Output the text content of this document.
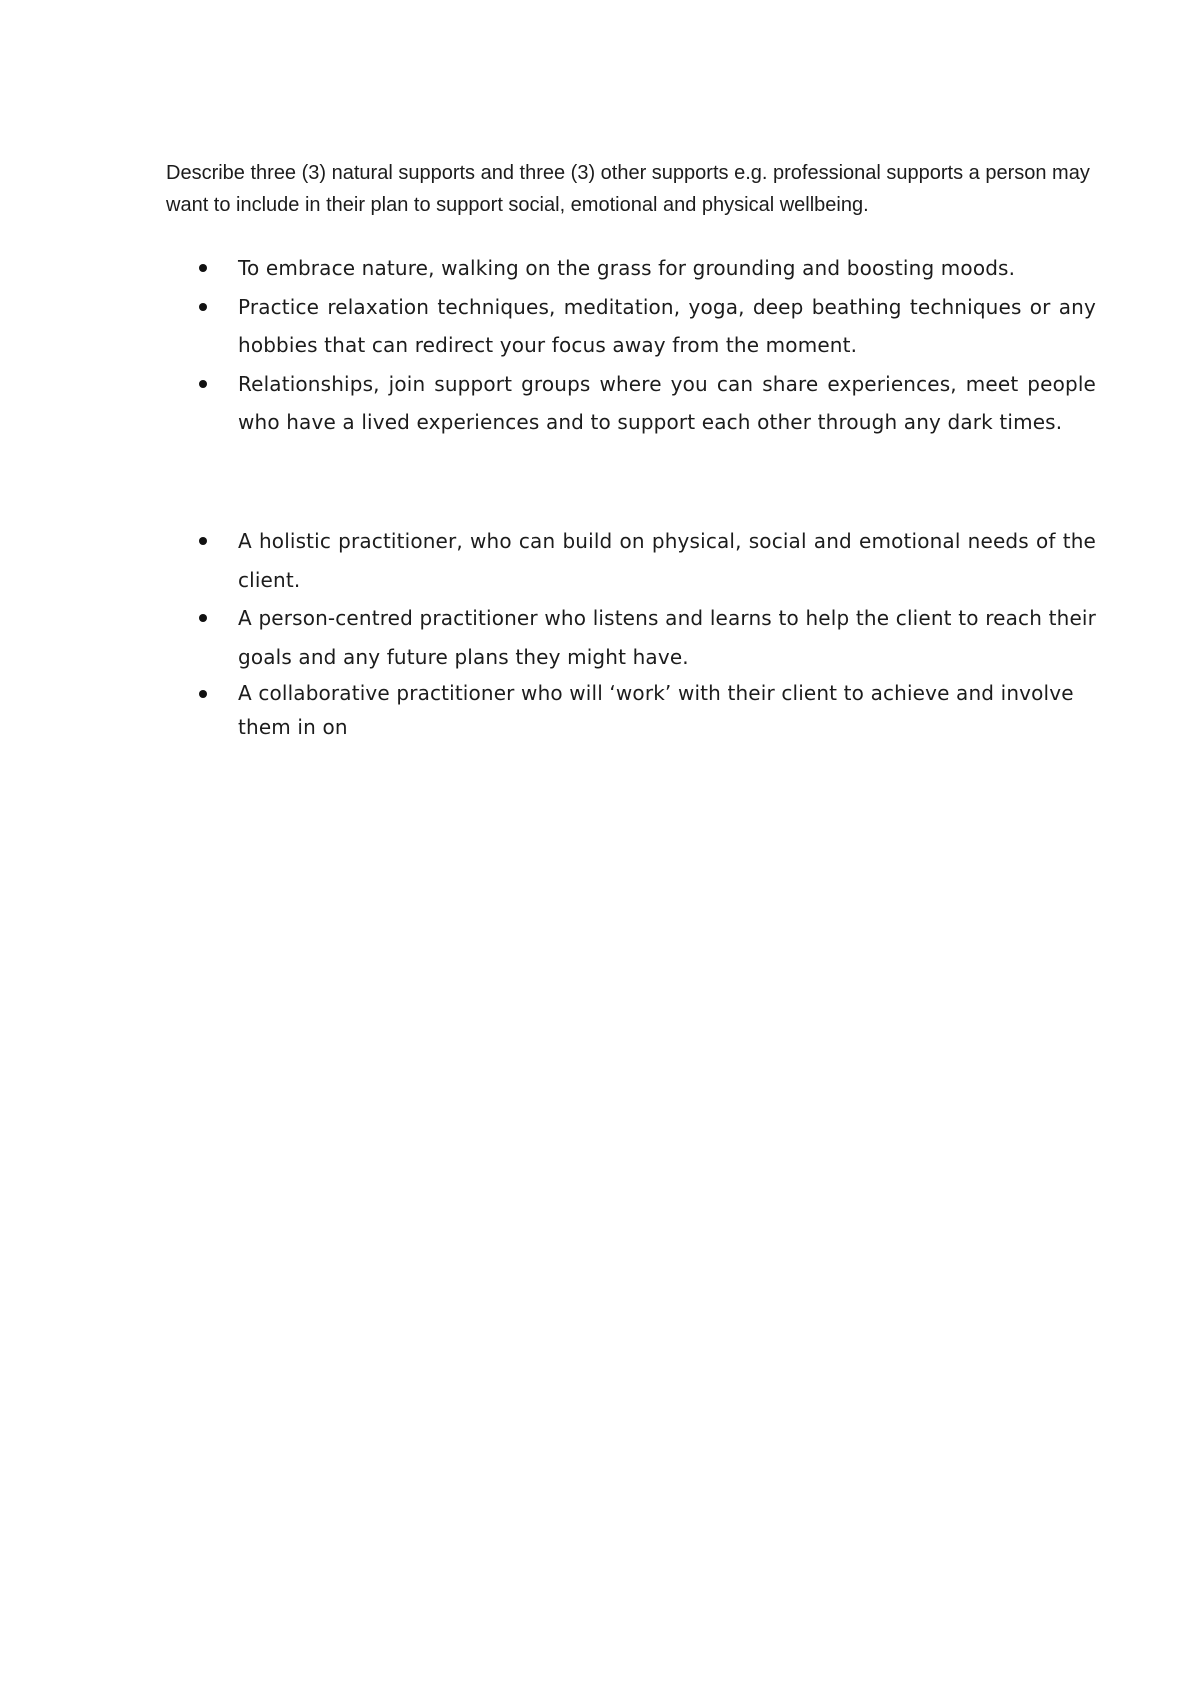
Describe three (3) natural supports and three (3) other supports e.g. professional supports a person may want to include in their plan to support social, emotional and physical wellbeing.

To embrace nature, walking on the grass for grounding and boosting moods.
Practice relaxation techniques, meditation, yoga, deep beathing techniques or any hobbies that can redirect your focus away from the moment.
Relationships, join support groups where you can share experiences, meet people who have a lived experiences and to support each other through any dark times.
A holistic practitioner, who can build on physical, social and emotional needs of the client.
A person-centred practitioner who listens and learns to help the client to reach their goals and any future plans they might have.
A collaborative practitioner who will ‘work’ with their client to achieve and involve them in on
